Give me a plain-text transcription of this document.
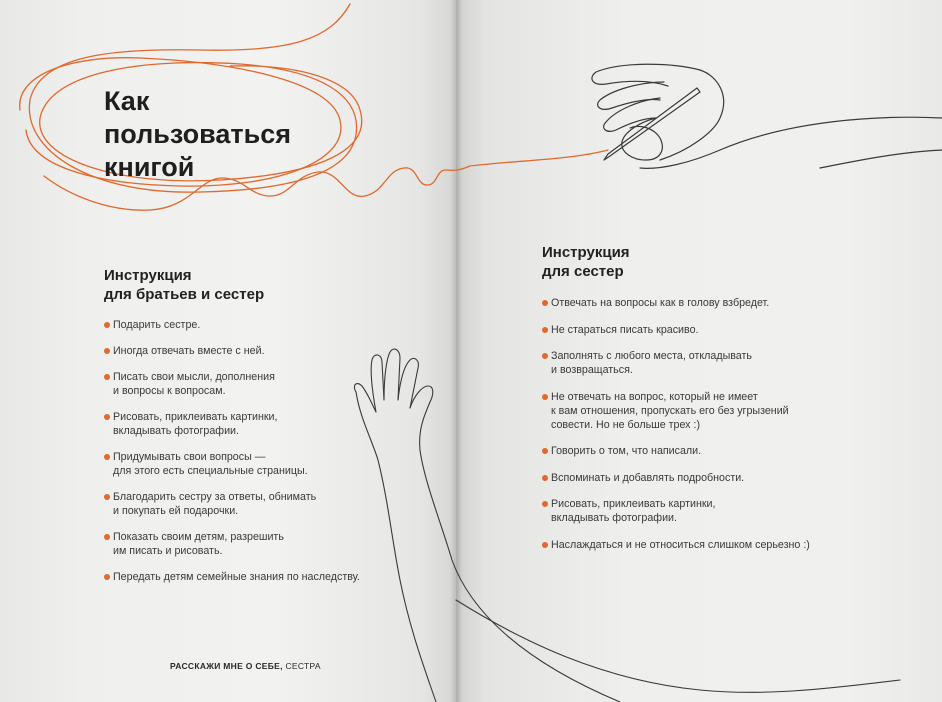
Как
пользоваться
книгой
Инструкция
для братьев и сестер
Подарить сестре.
Иногда отвечать вместе с ней.
Писать свои мысли, дополнения
и вопросы к вопросам.
Рисовать, приклеивать картинки,
вкладывать фотографии.
Придумывать свои вопросы —
для этого есть специальные страницы.
Благодарить сестру за ответы, обнимать
и покупать ей подарочки.
Показать своим детям, разрешить
им писать и рисовать.
Передать детям семейные знания по наследству.
Инструкция
для сестер
Отвечать на вопросы как в голову взбредет.
Не стараться писать красиво.
Заполнять с любого места, откладывать
и возвращаться.
Не отвечать на вопрос, который не имеет
к вам отношения, пропускать его без угрызений
совести. Но не больше трех :)
Говорить о том, что написали.
Вспоминать и добавлять подробности.
Рисовать, приклеивать картинки,
вкладывать фотографии.
Наслаждаться и не относиться слишком серьезно :)

РАССКАЖИ МНЕ О СЕБЕ, СЕСТРА
